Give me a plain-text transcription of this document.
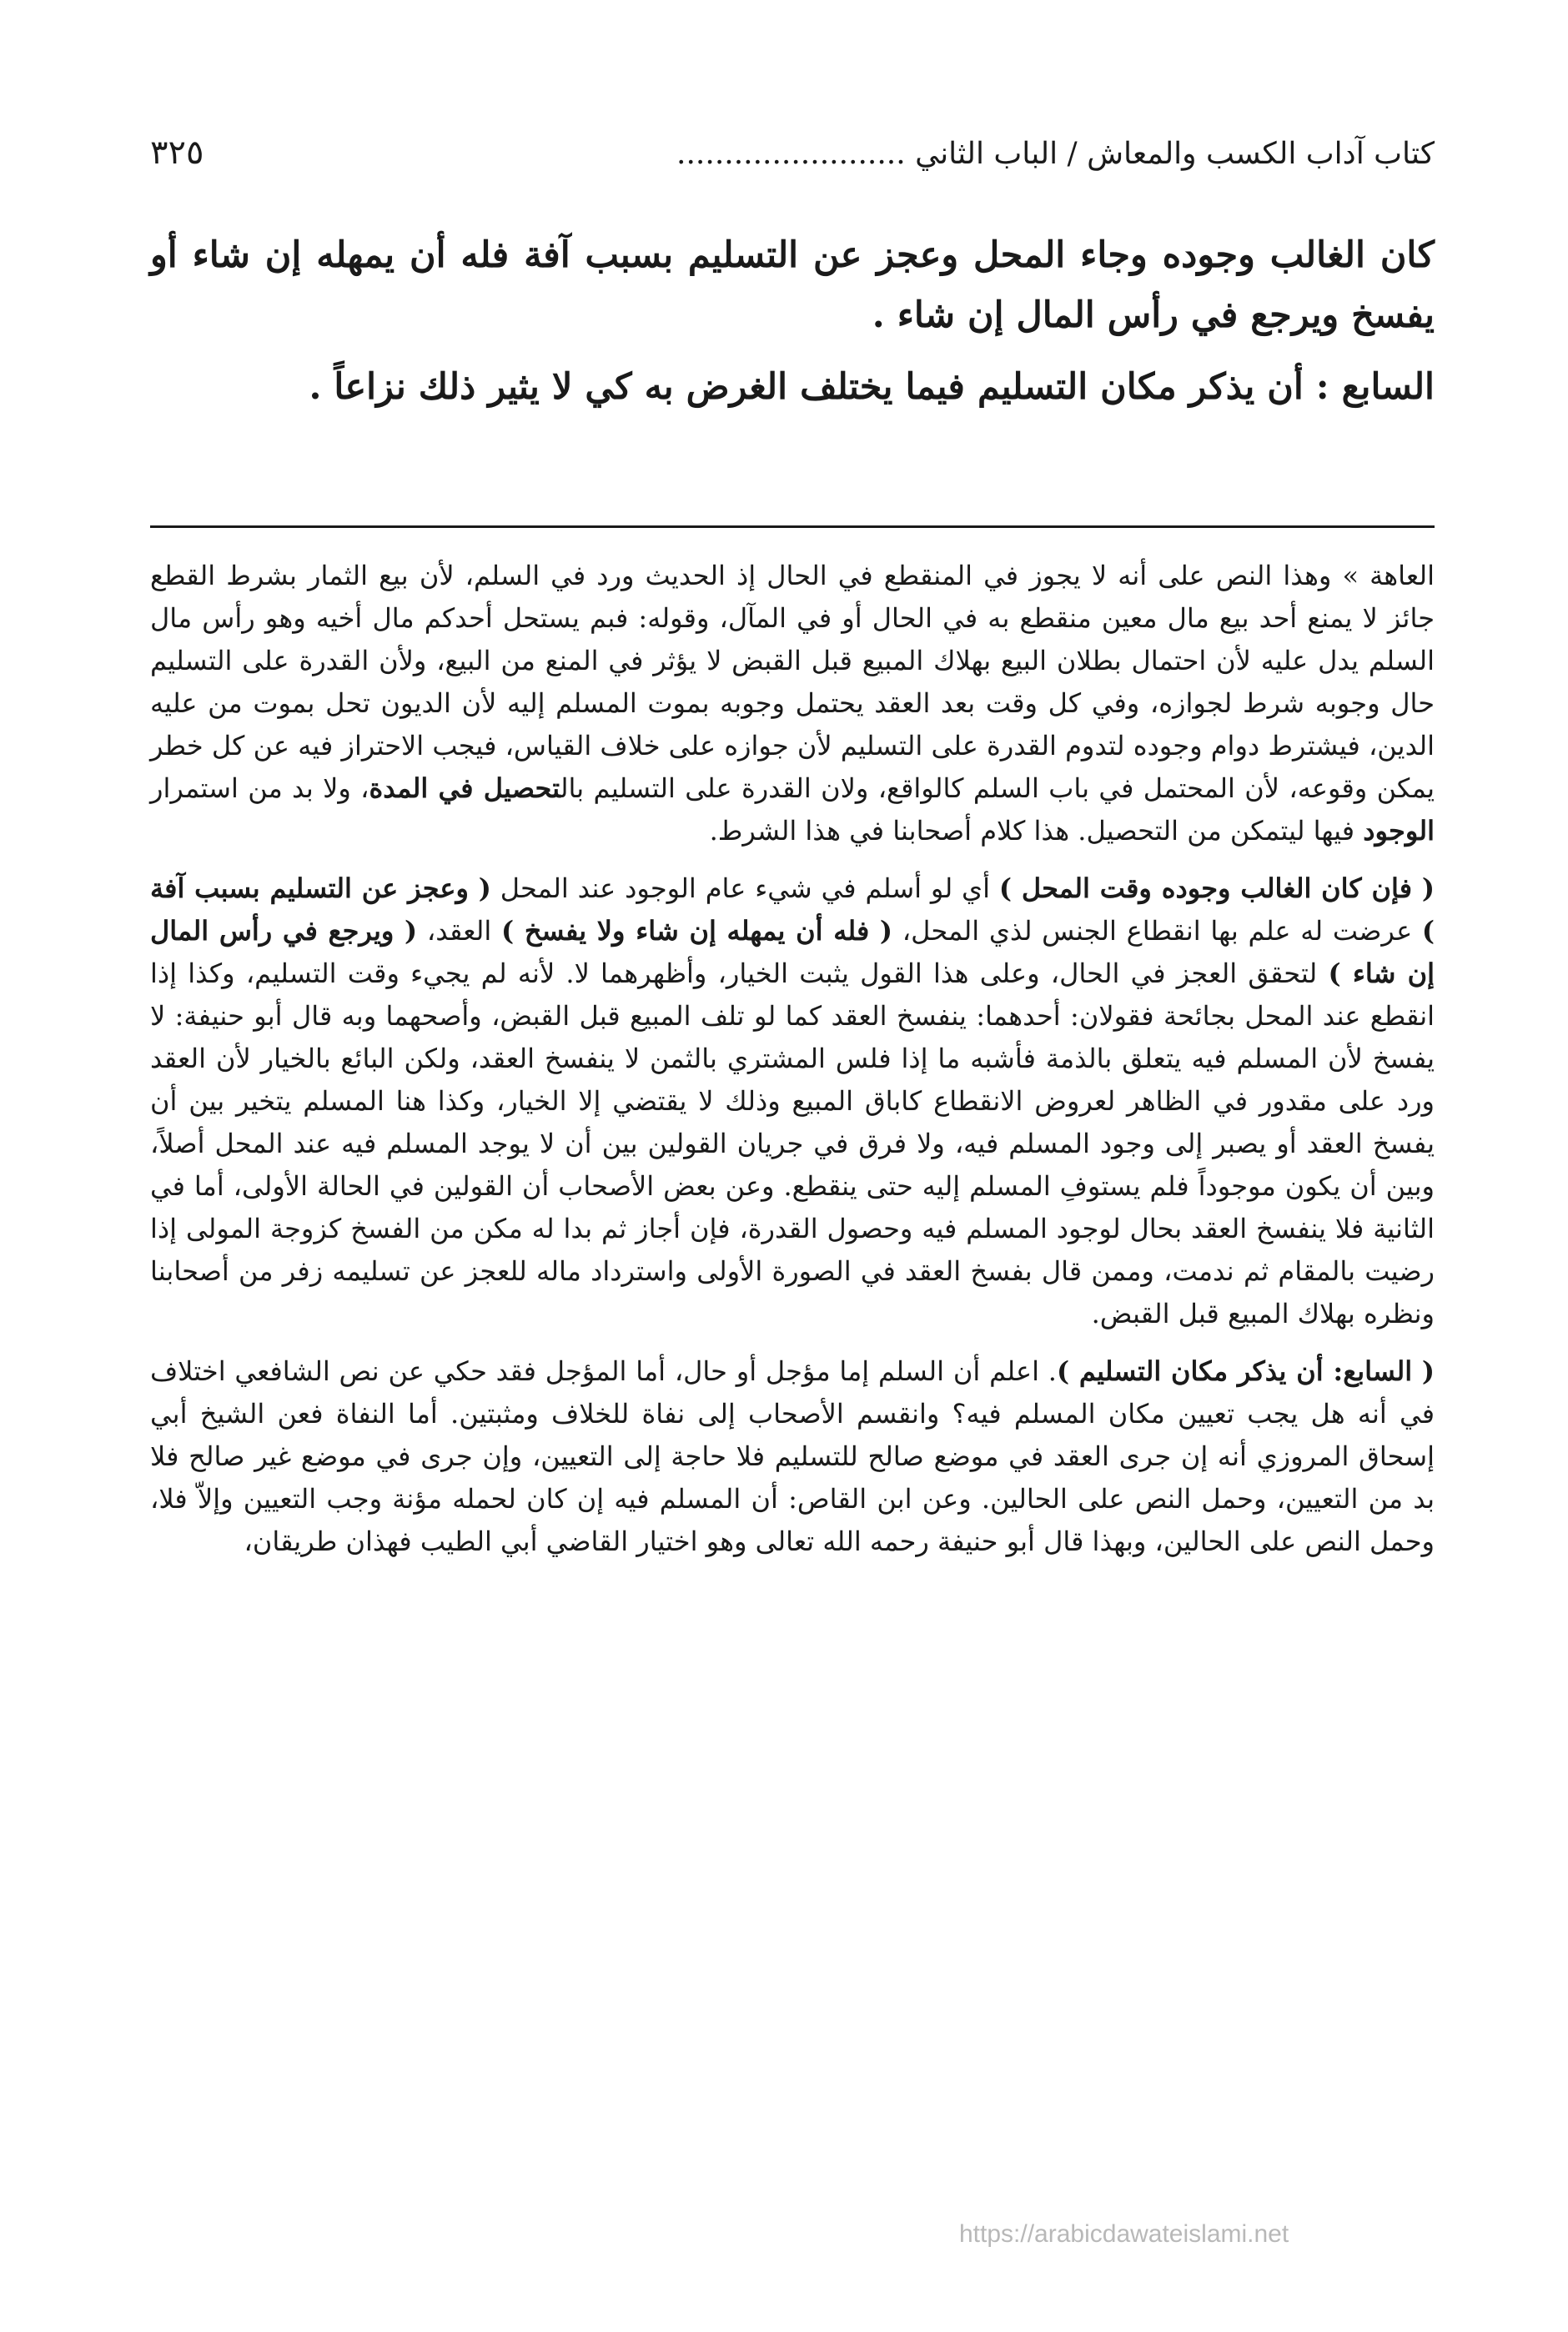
كتاب آداب الكسب والمعاش / الباب الثاني ........................
٣٢٥

كان الغالب وجوده وجاء المحل وعجز عن التسليم بسبب آفة فله أن يمهله إن شاء أو يفسخ ويرجع في رأس المال إن شاء .

السابع : أن يذكر مكان التسليم فيما يختلف الغرض به كي لا يثير ذلك نزاعاً .

العاهة » وهذا النص على أنه لا يجوز في المنقطع في الحال إذ الحديث ورد في السلم، لأن بيع الثمار بشرط القطع جائز لا يمنع أحد بيع مال معين منقطع به في الحال أو في المآل، وقوله: فبم يستحل أحدكم مال أخيه وهو رأس مال السلم يدل عليه لأن احتمال بطلان البيع بهلاك المبيع قبل القبض لا يؤثر في المنع من البيع، ولأن القدرة على التسليم حال وجوبه شرط لجوازه، وفي كل وقت بعد العقد يحتمل وجوبه بموت المسلم إليه لأن الديون تحل بموت من عليه الدين، فيشترط دوام وجوده لتدوم القدرة على التسليم لأن جوازه على خلاف القياس، فيجب الاحتراز فيه عن كل خطر يمكن وقوعه، لأن المحتمل في باب السلم كالواقع، ولان القدرة على التسليم بالتحصيل في المدة، ولا بد من استمرار الوجود فيها ليتمكن من التحصيل. هذا كلام أصحابنا في هذا الشرط.

( فإن كان الغالب وجوده وقت المحل ) أي لو أسلم في شيء عام الوجود عند المحل ( وعجز عن التسليم بسبب آفة ) عرضت له علم بها انقطاع الجنس لذي المحل، ( فله أن يمهله إن شاء ولا يفسخ ) العقد، ( ويرجع في رأس المال إن شاء ) لتحقق العجز في الحال، وعلى هذا القول يثبت الخيار، وأظهرهما لا. لأنه لم يجيء وقت التسليم، وكذا إذا انقطع عند المحل بجائحة فقولان: أحدهما: ينفسخ العقد كما لو تلف المبيع قبل القبض، وأصحهما وبه قال أبو حنيفة: لا يفسخ لأن المسلم فيه يتعلق بالذمة فأشبه ما إذا فلس المشتري بالثمن لا ينفسخ العقد، ولكن البائع بالخيار لأن العقد ورد على مقدور في الظاهر لعروض الانقطاع كاباق المبيع وذلك لا يقتضي إلا الخيار، وكذا هنا المسلم يتخير بين أن يفسخ العقد أو يصبر إلى وجود المسلم فيه، ولا فرق في جريان القولين بين أن لا يوجد المسلم فيه عند المحل أصلاً، وبين أن يكون موجوداً فلم يستوفِ المسلم إليه حتى ينقطع. وعن بعض الأصحاب أن القولين في الحالة الأولى، أما في الثانية فلا ينفسخ العقد بحال لوجود المسلم فيه وحصول القدرة، فإن أجاز ثم بدا له مكن من الفسخ كزوجة المولى إذا رضيت بالمقام ثم ندمت، وممن قال بفسخ العقد في الصورة الأولى واسترداد ماله للعجز عن تسليمه زفر من أصحابنا ونظره بهلاك المبيع قبل القبض.

( السابع: أن يذكر مكان التسليم ). اعلم أن السلم إما مؤجل أو حال، أما المؤجل فقد حكي عن نص الشافعي اختلاف في أنه هل يجب تعيين مكان المسلم فيه؟ وانقسم الأصحاب إلى نفاة للخلاف ومثبتين. أما النفاة فعن الشيخ أبي إسحاق المروزي أنه إن جرى العقد في موضع صالح للتسليم فلا حاجة إلى التعيين، وإن جرى في موضع غير صالح فلا بد من التعيين، وحمل النص على الحالين. وعن ابن القاص: أن المسلم فيه إن كان لحمله مؤنة وجب التعيين وإلاّ فلا، وحمل النص على الحالين، وبهذا قال أبو حنيفة رحمه الله تعالى وهو اختيار القاضي أبي الطيب فهذان طريقان،

https://arabicdawateislami.net
